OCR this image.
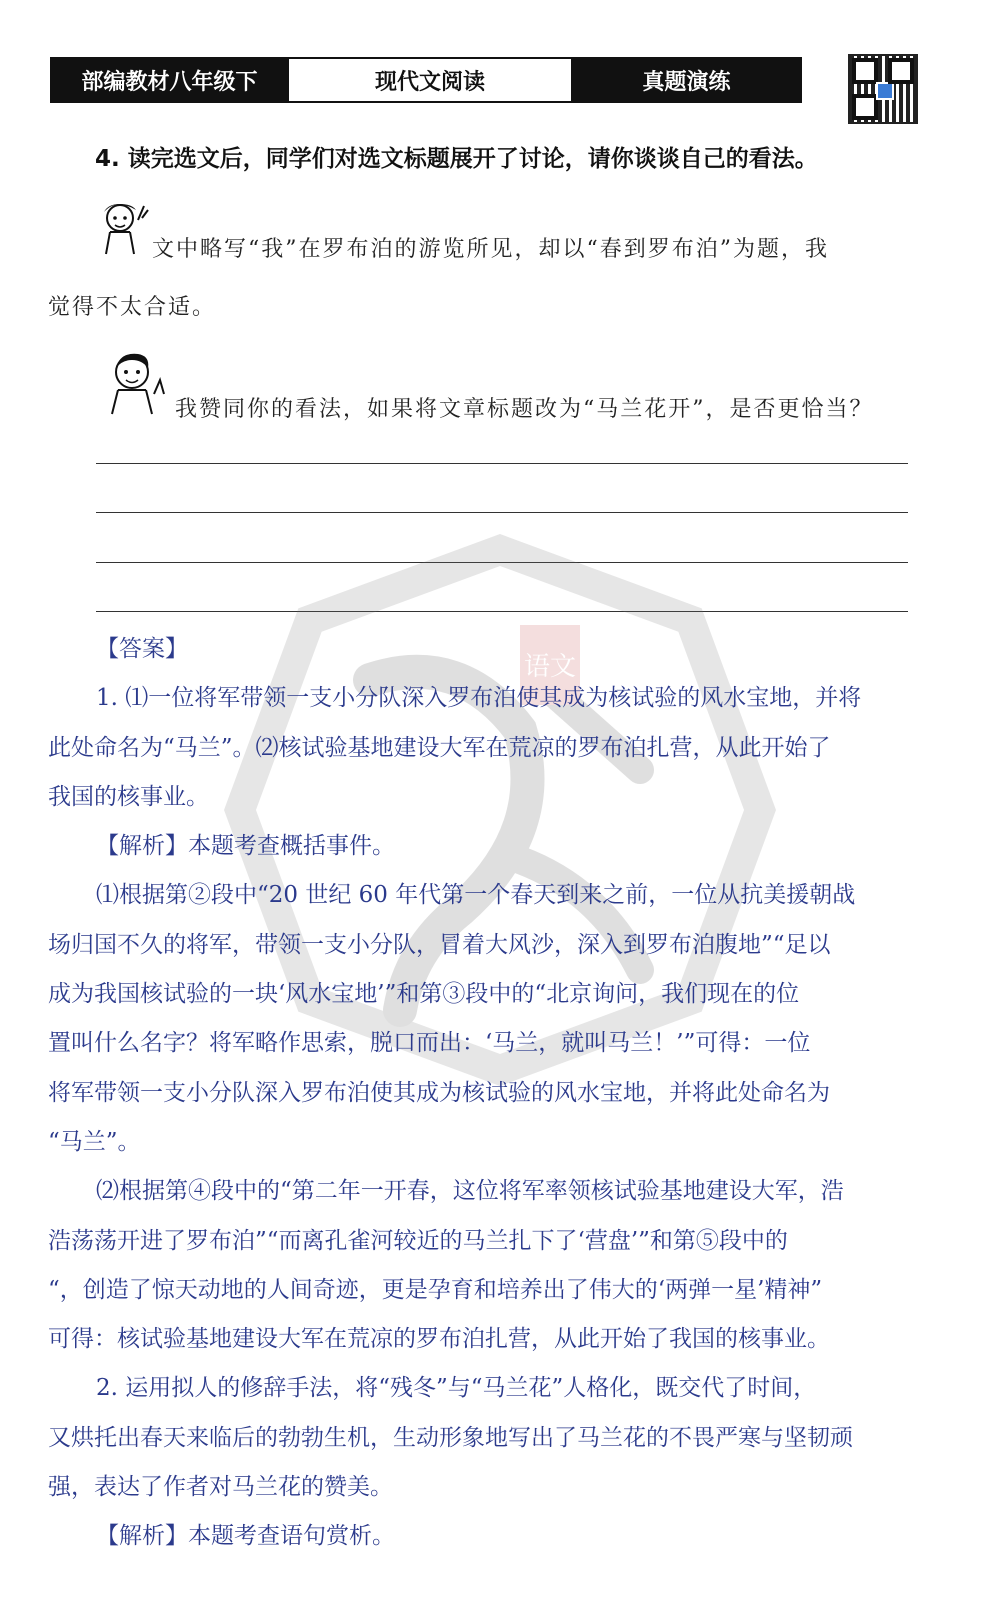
部编教材八年级下	现代文阅读	真题演练
4. 读完选文后，同学们对选文标题展开了讨论，请你谈谈自己的看法。
文中略写“我”在罗布泊的游览所见，却以“春到罗布泊”为题，我
觉得不太合适。
我赞同你的看法，如果将文章标题改为“马兰花开”，是否更恰当？
语文

【答案】

1. ⑴一位将军带领一支小分队深入罗布泊使其成为核试验的风水宝地，并将

此处命名为“马兰”。⑵核试验基地建设大军在荒凉的罗布泊扎营，从此开始了

我国的核事业。

【解析】本题考查概括事件。

⑴根据第②段中“20 世纪 60 年代第一个春天到来之前，一位从抗美援朝战

场归国不久的将军，带领一支小分队，冒着大风沙，深入到罗布泊腹地”“足以

成为我国核试验的一块‘风水宝地’”和第③段中的“北京询问，我们现在的位

置叫什么名字？将军略作思索，脱口而出：‘马兰，就叫马兰！’”可得：一位

将军带领一支小分队深入罗布泊使其成为核试验的风水宝地，并将此处命名为

“马兰”。

⑵根据第④段中的“第二年一开春，这位将军率领核试验基地建设大军，浩

浩荡荡开进了罗布泊”“而离孔雀河较近的马兰扎下了‘营盘’”和第⑤段中的

“，创造了惊天动地的人间奇迹，更是孕育和培养出了伟大的‘两弹一星’精神”

可得：核试验基地建设大军在荒凉的罗布泊扎营，从此开始了我国的核事业。

2. 运用拟人的修辞手法，将“残冬”与“马兰花”人格化，既交代了时间，

又烘托出春天来临后的勃勃生机，生动形象地写出了马兰花的不畏严寒与坚韧顽

强，表达了作者对马兰花的赞美。

【解析】本题考查语句赏析。
